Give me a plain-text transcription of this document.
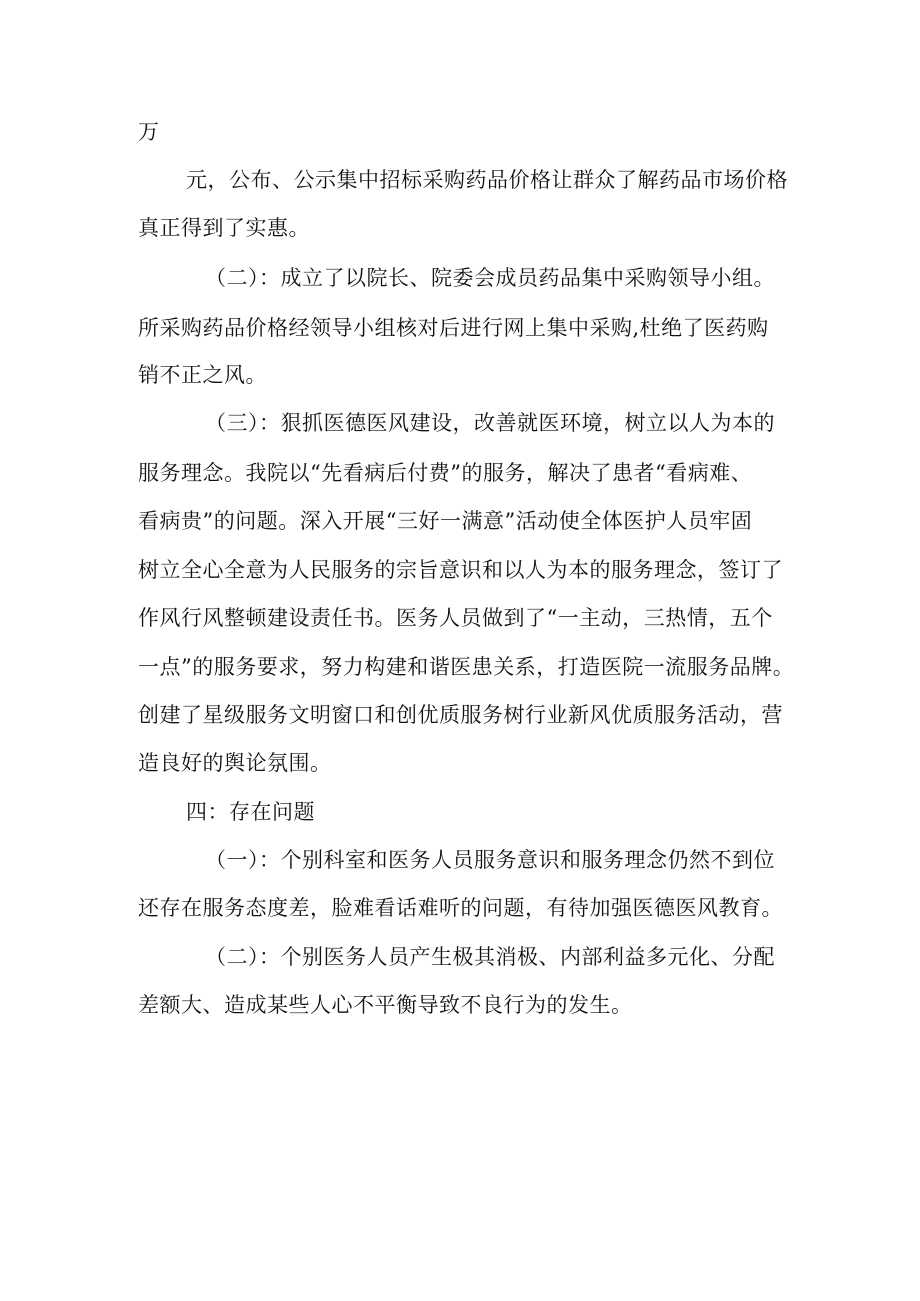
万
元，公布、公示集中招标采购药品价格让群众了解药品市场价格
真正得到了实惠。
（二）：成立了以院长、院委会成员药品集中采购领导小组。
所采购药品价格经领导小组核对后进行网上集中采购,杜绝了医药购
销不正之风。
（三）：狠抓医德医风建设，改善就医环境，树立以人为本的
服务理念。我院以“先看病后付费”的服务，解决了患者“看病难、
看病贵”的问题。深入开展“三好一满意”活动使全体医护人员牢固
树立全心全意为人民服务的宗旨意识和以人为本的服务理念，签订了
作风行风整顿建设责任书。医务人员做到了“一主动，三热情，五个
一点”的服务要求，努力构建和谐医患关系，打造医院一流服务品牌。
创建了星级服务文明窗口和创优质服务树行业新风优质服务活动，营
造良好的舆论氛围。
四：存在问题
（一）：个别科室和医务人员服务意识和服务理念仍然不到位
还存在服务态度差，脸难看话难听的问题，有待加强医德医风教育。
（二）：个别医务人员产生极其消极、内部利益多元化、分配
差额大、造成某些人心不平衡导致不良行为的发生。
